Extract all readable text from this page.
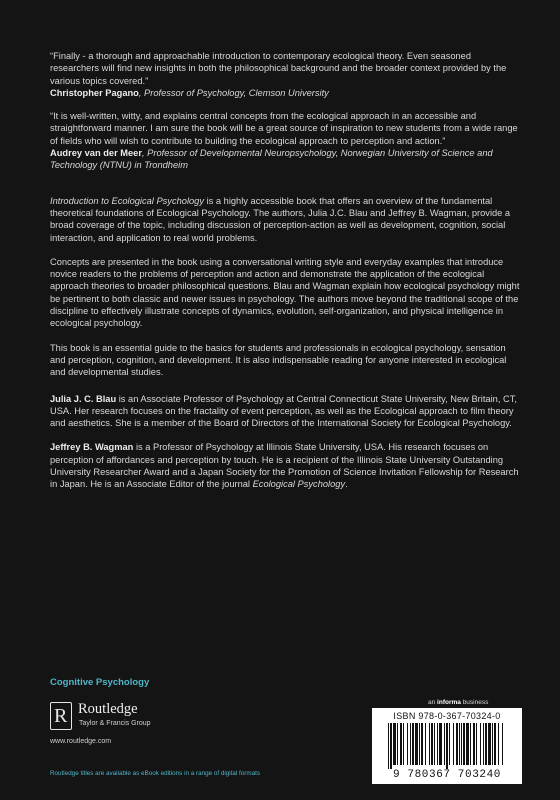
“Finally - a thorough and approachable introduction to contemporary ecological theory. Even seasoned researchers will find new insights in both the philosophical background and the broader context provided by the various topics covered.”

Christopher Pagano, Professor of Psychology, Clemson University

“It is well-written, witty, and explains central concepts from the ecological approach in an accessible and straightforward manner. I am sure the book will be a great source of inspiration to new students from a wide range of fields who will wish to contribute to building the ecological approach to perception and action.”

Audrey van der Meer, Professor of Developmental Neuropsychology, Norwegian University of Science and Technology (NTNU) in Trondheim

Introduction to Ecological Psychology is a highly accessible book that offers an overview of the fundamental theoretical foundations of Ecological Psychology. The authors, Julia J.C. Blau and Jeffrey B. Wagman, provide a broad coverage of the topic, including discussion of perception-action as well as development, cognition, social interaction, and application to real world problems.

Concepts are presented in the book using a conversational writing style and everyday examples that introduce novice readers to the problems of perception and action and demonstrate the application of the ecological approach theories to broader philosophical questions. Blau and Wagman explain how ecological psychology might be pertinent to both classic and newer issues in psychology. The authors move beyond the traditional scope of the discipline to effectively illustrate concepts of dynamics, evolution, self-organization, and physical intelligence in ecological psychology.

This book is an essential guide to the basics for students and professionals in ecological psychology, sensation and perception, cognition, and development. It is also indispensable reading for anyone interested in ecological and developmental studies.

Julia J. C. Blau is an Associate Professor of Psychology at Central Connecticut State University, New Britain, CT, USA. Her research focuses on the fractality of event perception, as well as the Ecological approach to film theory and aesthetics. She is a member of the Board of Directors of the International Society for Ecological Psychology.

Jeffrey B. Wagman is a Professor of Psychology at Illinois State University, USA. His research focuses on perception of affordances and perception by touch. He is a recipient of the Illinois State University Outstanding University Researcher Award and a Japan Society for the Promotion of Science Invitation Fellowship for Research in Japan. He is an Associate Editor of the journal Ecological Psychology.

Cognitive Psychology
R Routledge
Taylor & Francis Group
www.routledge.com
an informa business
ISBN 978-0-367-70324-0
9 780367 703240
Routledge titles are available as eBook editions in a range of digital formats
